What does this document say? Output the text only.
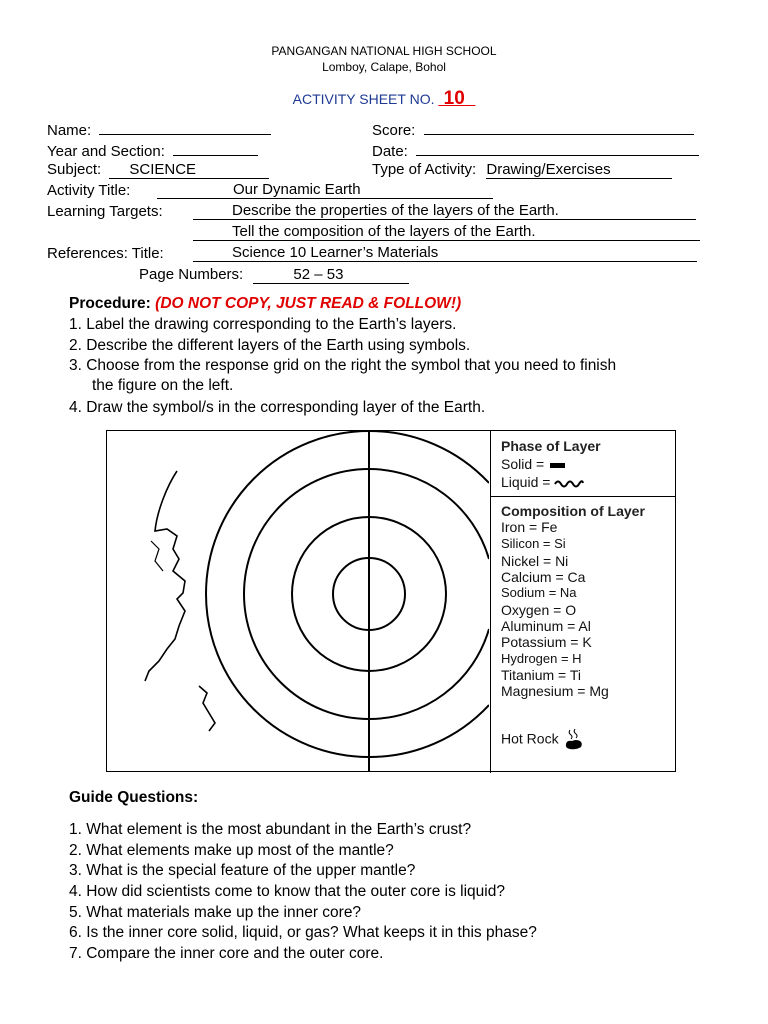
PANGANGAN NATIONAL HIGH SCHOOL
Lomboy, Calape, Bohol
ACTIVITY SHEET NO. 10
Name:	Score:
Year and Section:	Date:
Subject: SCIENCE	Type of Activity: Drawing/Exercises
Activity Title:	Our Dynamic Earth
Learning Targets:	Describe the properties of the layers of the Earth.
Tell the composition of the layers of the Earth.
References: Title:	Science 10 Learner’s Materials
Page Numbers:	52 – 53
Procedure: (DO NOT COPY, JUST READ & FOLLOW!)
1. Label the drawing corresponding to the Earth’s layers.
2. Describe the different layers of the Earth using symbols.
3. Choose from the response grid on the right the symbol that you need to finish
the figure on the left.
4. Draw the symbol/s in the corresponding layer of the Earth.
Phase of Layer
Solid =
Liquid =
Composition of Layer
Iron = Fe
Silicon = Si
Nickel = Ni
Calcium = Ca
Sodium = Na
Oxygen = O
Aluminum = Al
Potassium = K
Hydrogen = H
Titanium = Ti
Magnesium = Mg
Hot Rock
Guide Questions:
1. What element is the most abundant in the Earth’s crust?
2. What elements make up most of the mantle?
3. What is the special feature of the upper mantle?
4. How did scientists come to know that the outer core is liquid?
5. What materials make up the inner core?
6. Is the inner core solid, liquid, or gas? What keeps it in this phase?
7. Compare the inner core and the outer core.
